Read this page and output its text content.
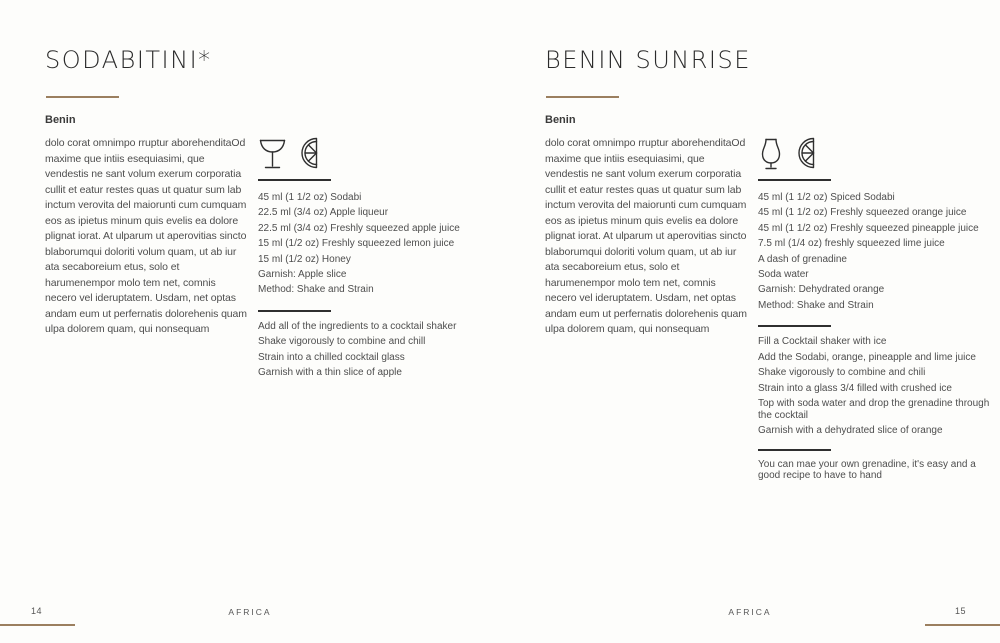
SODABITINI*
Benin
dolo corat omnimpo rruptur aborehenditaOd maxime que intiis esequiasimi, que vendestis ne sant volum exerum corporatia cullit et eatur restes quas ut quatur sum lab inctum verovita del maiorunti cum cumquam eos as ipietus minum quis evelis ea dolore plignat iorat. At ulparum ut aperovitias sincto blaborumqui doloriti volum quam, ut ab iur ata secaboreium etus, solo et harumenempor molo tem net, comnis necero vel ideruptatem. Usdam, net optas andam eum ut perfernatis dolorehenis quam ulpa dolorem quam, qui nonsequam
45 ml (1 1/2 oz) Sodabi
22.5 ml (3/4 oz) Apple liqueur
22.5 ml (3/4 oz) Freshly squeezed apple juice
15 ml (1/2 oz) Freshly squeezed lemon juice
15 ml (1/2 oz) Honey
Garnish: Apple slice
Method: Shake and Strain
Add all of the ingredients to a cocktail shaker
Shake vigorously to combine and chill
Strain into a chilled cocktail glass
Garnish with a thin slice of apple
14	AFRICA
BENIN SUNRISE
Benin
dolo corat omnimpo rruptur aborehenditaOd maxime que intiis esequiasimi, que vendestis ne sant volum exerum corporatia cullit et eatur restes quas ut quatur sum lab inctum verovita del maiorunti cum cumquam eos as ipietus minum quis evelis ea dolore plignat iorat. At ulparum ut aperovitias sincto blaborumqui doloriti volum quam, ut ab iur ata secaboreium etus, solo et harumenempor molo tem net, comnis necero vel ideruptatem. Usdam, net optas andam eum ut perfernatis dolorehenis quam ulpa dolorem quam, qui nonsequam
45 ml (1 1/2 oz) Spiced Sodabi
45 ml (1 1/2 oz) Freshly squeezed orange juice
45 ml (1 1/2 oz) Freshly squeezed pineapple juice
7.5 ml (1/4 oz) freshly squeezed lime juice
A dash of grenadine
Soda water
Garnish: Dehydrated orange
Method: Shake and Strain
Fill a Cocktail shaker with ice
Add the Sodabi, orange, pineapple and lime juice
Shake vigorously to combine and chili
Strain into a glass 3/4 filled with crushed ice
Top with soda water and drop the grenadine through the cocktail
Garnish with a dehydrated slice of orange
You can mae your own grenadine, it's easy and a good recipe to have to hand
15
AFRICA
